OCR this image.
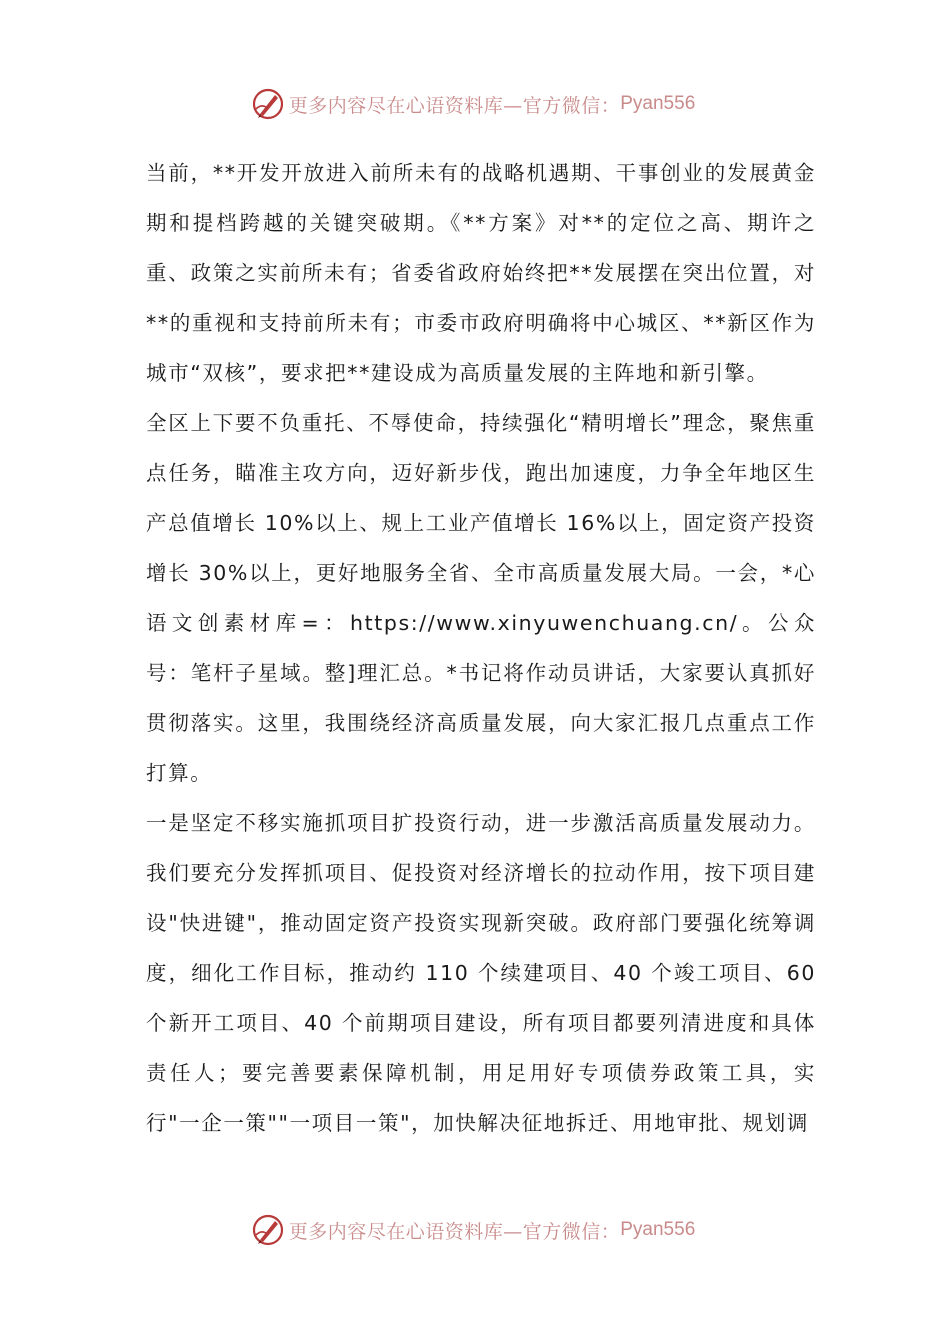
更多内容尽在心语资料库—官方微信： Pyan556

当前，**开发开放进入前所未有的战略机遇期、干事创业的发展黄金期和提档跨越的关键突破期。《**方案》对**的定位之高、期许之重、政策之实前所未有；省委省政府始终把**发展摆在突出位置，对**的重视和支持前所未有；市委市政府明确将中心城区、**新区作为城市“双核”，要求把**建设成为高质量发展的主阵地和新引擎。

全区上下要不负重托、不辱使命，持续强化“精明增长”理念，聚焦重点任务，瞄准主攻方向，迈好新步伐，跑出加速度，力争全年地区生产总值增长 10%以上、规上工业产值增长 16%以上，固定资产投资增长 30%以上，更好地服务全省、全市高质量发展大局。一会，*心语文创素材库=：https://www.xinyuwenchuang.cn/。公众号：笔杆子星域。整]理汇总。*书记将作动员讲话，大家要认真抓好贯彻落实。这里，我围绕经济高质量发展，向大家汇报几点重点工作打算。

一是坚定不移实施抓项目扩投资行动，进一步激活高质量发展动力。我们要充分发挥抓项目、促投资对经济增长的拉动作用，按下项目建设"快进键"，推动固定资产投资实现新突破。政府部门要强化统筹调度，细化工作目标，推动约 110 个续建项目、40 个竣工项目、60 个新开工项目、40 个前期项目建设，所有项目都要列清进度和具体责任人；要完善要素保障机制，用足用好专项债券政策工具，实行"一企一策""一项目一策"，加快解决征地拆迁、用地审批、规划调

更多内容尽在心语资料库—官方微信： Pyan556
